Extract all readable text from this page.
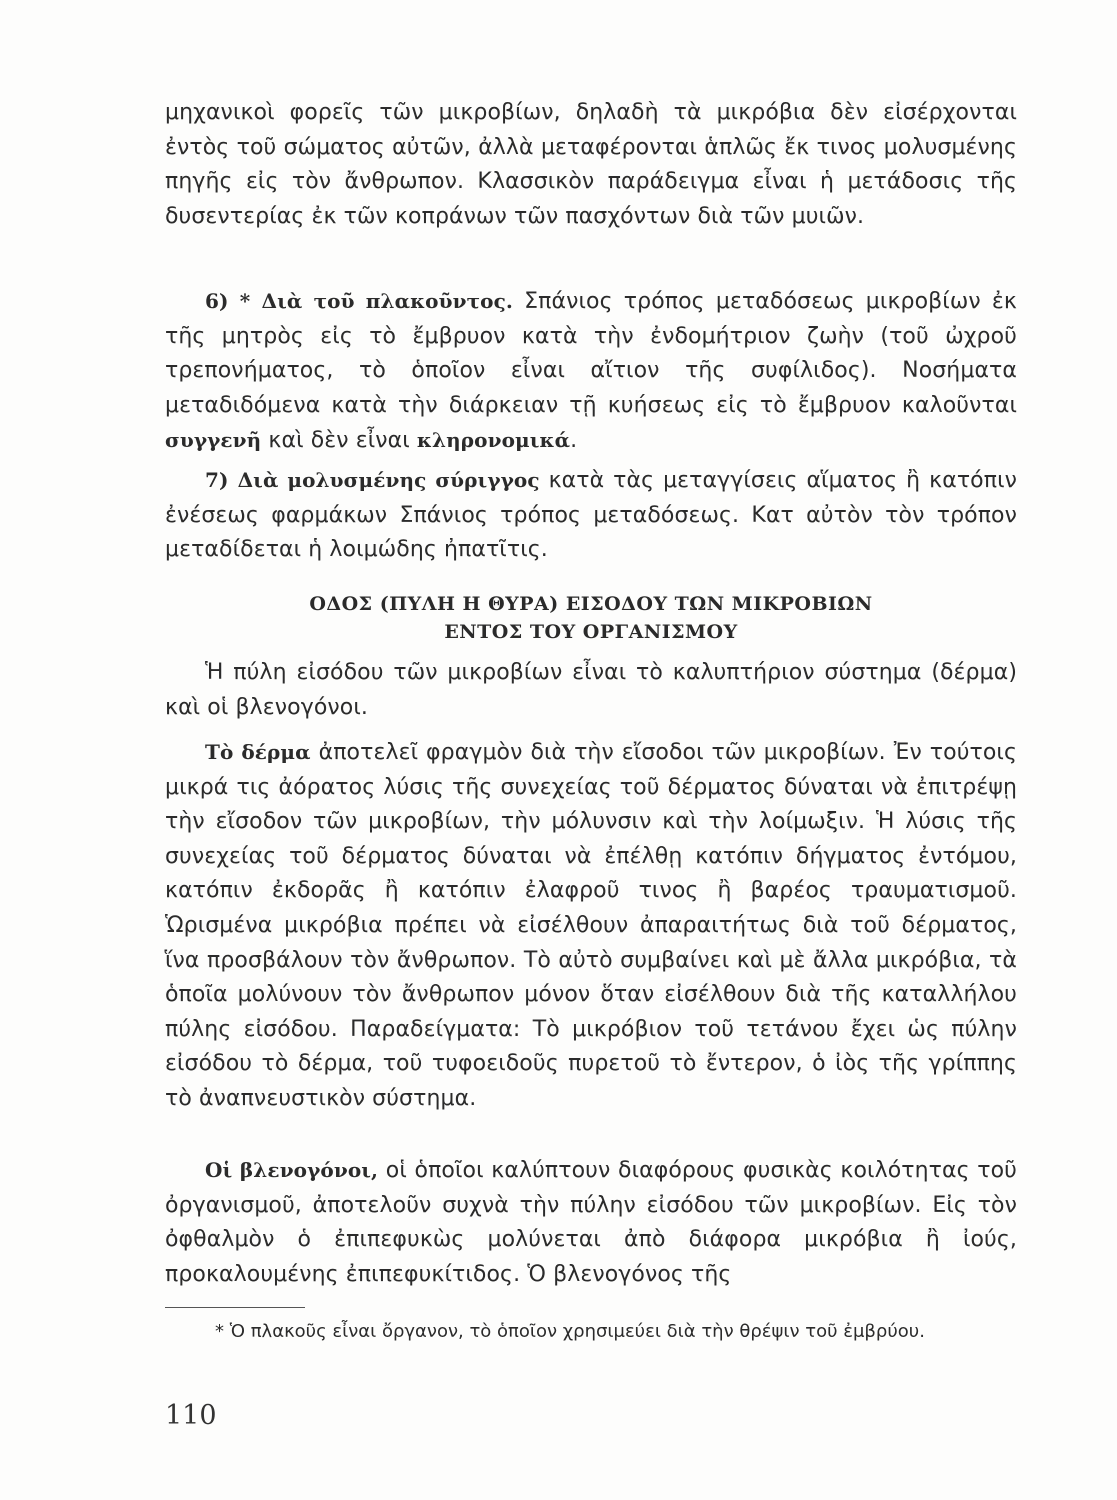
μηχανικοὶ φορεῖς τῶν μικροβίων, δηλαδὴ τὰ μικρόβια δὲν εἰσέρχονται ἐντὸς τοῦ σώματος αὐτῶν, ἀλλὰ μεταφέρονται ἁπλῶς ἔκ τινος μολυσμένης πηγῆς εἰς τὸν ἄνθρωπον. Κλασσικὸν παράδειγμα εἶναι ἡ μετάδοσις τῆς δυσεντερίας ἐκ τῶν κοπράνων τῶν πασχόντων διὰ τῶν μυιῶν.

6) * Διὰ τοῦ πλακοῦντος. Σπάνιος τρόπος μεταδόσεως μικροβίων ἐκ τῆς μητρὸς εἰς τὸ ἔμβρυον κατὰ τὴν ἐνδομήτριον ζωὴν (τοῦ ὠχροῦ τρεπονήματος, τὸ ὁποῖον εἶναι αἴτιον τῆς συφίλιδος). Νοσήματα μεταδιδόμενα κατὰ τὴν διάρκειαν τῇ κυήσεως εἰς τὸ ἔμβρυον καλοῦνται συγγενῆ καὶ δὲν εἶναι κληρονομικά.

7) Διὰ μολυσμένης σύριγγος κατὰ τὰς μεταγγίσεις αἵματος ἢ κατόπιν ἐνέσεως φαρμάκων Σπάνιος τρόπος μεταδόσεως. Κατ αὐτὸν τὸν τρόπον μεταδίδεται ἡ λοιμώδης ἠπατῖτις.

ΟΔΟΣ (ΠΥΛΗ Η ΘΥΡΑ) ΕΙΣΟΔΟΥ ΤΩΝ ΜΙΚΡΟΒΙΩΝ
ΕΝΤΟΣ ΤΟΥ ΟΡΓΑΝΙΣΜΟΥ

Ἡ πύλη εἰσόδου τῶν μικροβίων εἶναι τὸ καλυπτήριον σύστημα (δέρμα) καὶ οἱ βλενογόνοι.

Τὸ δέρμα ἀποτελεῖ φραγμὸν διὰ τὴν εἴσοδοι τῶν μικροβίων. Ἐν τούτοις μικρά τις ἀόρατος λύσις τῆς συνεχείας τοῦ δέρματος δύναται νὰ ἐπιτρέψῃ τὴν εἴσοδον τῶν μικροβίων, τὴν μόλυνσιν καὶ τὴν λοίμωξιν. Ἡ λύσις τῆς συνεχείας τοῦ δέρματος δύναται νὰ ἐπέλθῃ κατόπιν δήγματος ἐντόμου, κατόπιν ἐκδορᾶς ἢ κατόπιν ἐλαφροῦ τινος ἢ βαρέος τραυματισμοῦ. Ὡρισμένα μικρόβια πρέπει νὰ εἰσέλθουν ἀπαραιτήτως διὰ τοῦ δέρματος, ἵνα προσβάλουν τὸν ἄνθρωπον. Τὸ αὐτὸ συμβαίνει καὶ μὲ ἄλλα μικρόβια, τὰ ὁποῖα μολύνουν τὸν ἄνθρωπον μόνον ὅταν εἰσέλθουν διὰ τῆς καταλλήλου πύλης εἰσόδου. Παραδείγματα: Τὸ μικρόβιον τοῦ τετάνου ἔχει ὡς πύλην εἰσόδου τὸ δέρμα, τοῦ τυφοειδοῦς πυρετοῦ τὸ ἔντερον, ὁ ἰὸς τῆς γρίππης τὸ ἀναπνευστικὸν σύστημα.

Οἱ βλενογόνοι, οἱ ὁποῖοι καλύπτουν διαφόρους φυσικὰς κοιλότητας τοῦ ὀργανισμοῦ, ἀποτελοῦν συχνὰ τὴν πύλην εἰσόδου τῶν μικροβίων. Εἰς τὸν ὀφθαλμὸν ὁ ἐπιπεφυκὼς μολύνεται ἀπὸ διάφορα μικρόβια ἢ ἰούς, προκαλουμένης ἐπιπεφυκίτιδος. Ὁ βλενογόνος τῆς

* Ὁ πλακοῦς εἶναι ὄργανον, τὸ ὁποῖον χρησιμεύει διὰ τὴν θρέψιν τοῦ ἐμβρύου.
110
